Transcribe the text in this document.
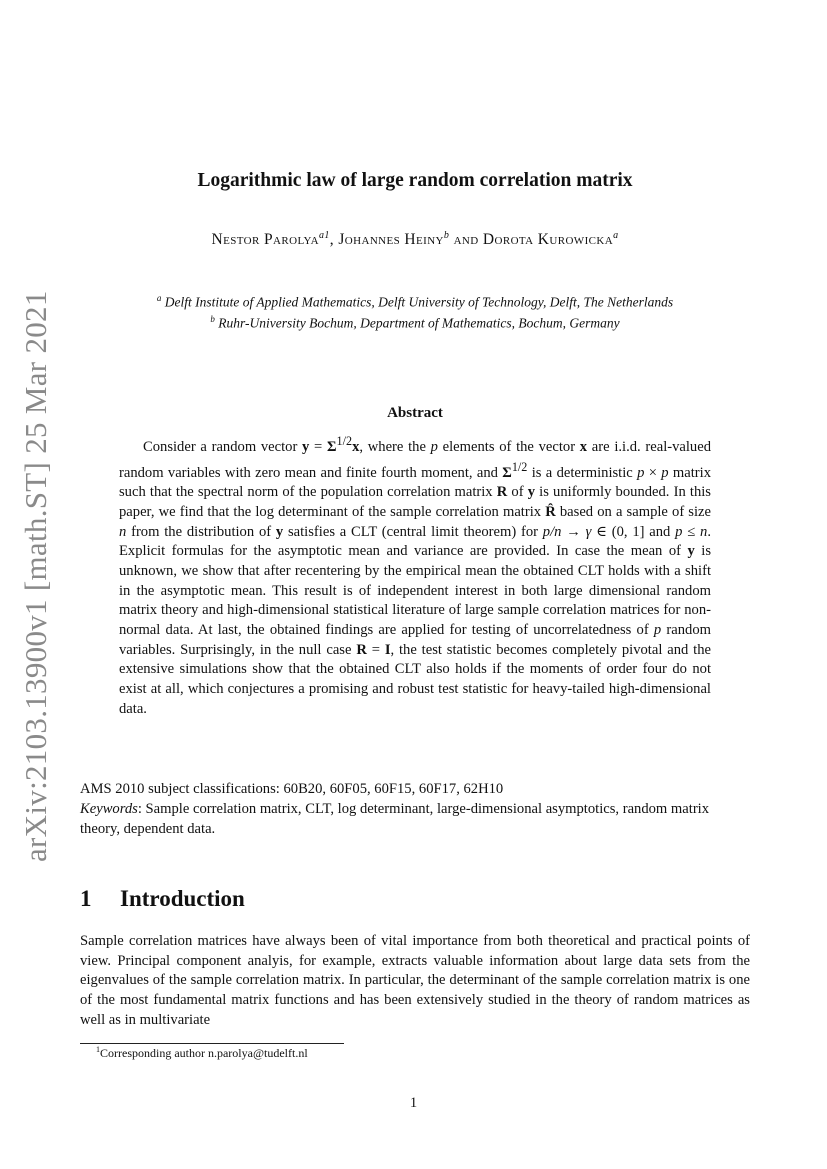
arXiv:2103.13900v1 [math.ST] 25 Mar 2021
Logarithmic law of large random correlation matrix
Nestor Parolya$^{a1}$, Johannes Heiny$^b$ and Dorota Kurowicka$^a$
$^a$ Delft Institute of Applied Mathematics, Delft University of Technology, Delft, The Netherlands
$^b$ Ruhr-University Bochum, Department of Mathematics, Bochum, Germany
Abstract

Consider a random vector $y = \Sigma^{1/2}x$, where the p elements of the vector x are i.i.d. real-valued random variables with zero mean and finite fourth moment, and $\Sigma^{1/2}$ is a deterministic p × p matrix such that the spectral norm of the population correlation matrix R of y is uniformly bounded. In this paper, we find that the log determinant of the sample correlation matrix R̂ based on a sample of size n from the distribution of y satisfies a CLT (central limit theorem) for p/n → γ ∈ (0, 1] and p ≤ n. Explicit formulas for the asymptotic mean and variance are provided. In case the mean of y is unknown, we show that after recentering by the empirical mean the obtained CLT holds with a shift in the asymptotic mean. This result is of independent interest in both large dimensional random matrix theory and high-dimensional statistical literature of large sample correlation matrices for non-normal data. At last, the obtained findings are applied for testing of uncorrelatedness of p random variables. Surprisingly, in the null case R = I, the test statistic becomes completely pivotal and the extensive simulations show that the obtained CLT also holds if the moments of order four do not exist at all, which conjectures a promising and robust test statistic for heavy-tailed high-dimensional data.

AMS 2010 subject classifications: 60B20, 60F05, 60F15, 60F17, 62H10
Keywords: Sample correlation matrix, CLT, log determinant, large-dimensional asymptotics, random matrix theory, dependent data.
1 Introduction

Sample correlation matrices have always been of vital importance from both theoretical and practical points of view. Principal component analyis, for example, extracts valuable information about large data sets from the eigenvalues of the sample correlation matrix. In particular, the determinant of the sample correlation matrix is one of the most fundamental matrix functions and has been extensively studied in the theory of random matrices as well as in multivariate

$^1$Corresponding author n.parolya@tudelft.nl
1
